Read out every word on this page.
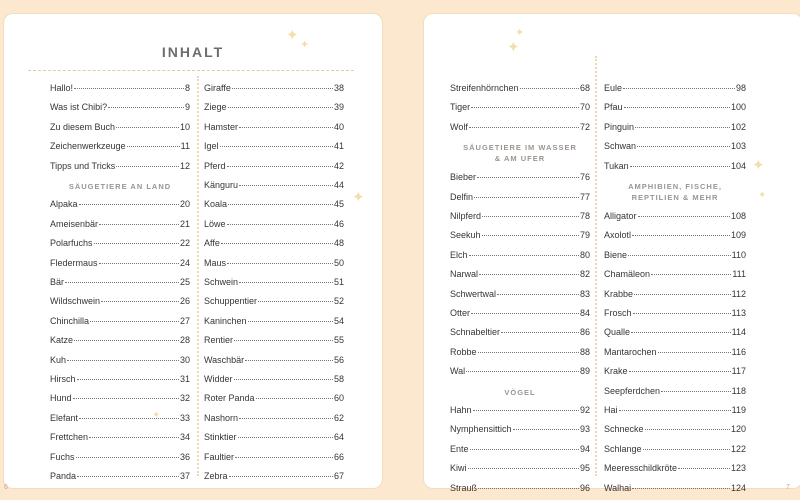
INHALT
Hallo!	8
Was ist Chibi?	9
Zu diesem Buch	10
Zeichenwerkzeuge	11
Tipps und Tricks	12
SÄUGETIERE AN LAND
Alpaka	20
Ameisenbär	21
Polarfuchs	22
Fledermaus	24
Bär	25
Wildschwein	26
Chinchilla	27
Katze	28
Kuh	30
Hirsch	31
Hund	32
Elefant	33
Frettchen	34
Fuchs	36
Panda	37
Giraffe	38
Ziege	39
Hamster	40
Igel	41
Pferd	42
Känguru	44
Koala	45
Löwe	46
Affe	48
Maus	50
Schwein	51
Schuppentier	52
Kaninchen	54
Rentier	55
Waschbär	56
Widder	58
Roter Panda	60
Nashorn	62
Stinktier	64
Faultier	66
Zebra	67
Streifenhörnchen	68
Tiger	70
Wolf	72
SÄUGETIERE IM WASSER & AM UFER
Bieber	76
Delfin	77
Nilpferd	78
Seekuh	79
Elch	80
Narwal	82
Schwertwal	83
Otter	84
Schnabeltier	86
Robbe	88
Wal	89
VÖGEL
Hahn	92
Nymphensittich	93
Ente	94
Kiwi	95
Strauß	96
Eule	98
Pfau	100
Pinguin	102
Schwan	103
Tukan	104
AMPHIBIEN, FISCHE, REPTILIEN & MEHR
Alligator	108
Axolotl	109
Biene	110
Chamäleon	111
Krabbe	112
Frosch	113
Qualle	114
Mantarochen	116
Krake	117
Seepferdchen	118
Hai	119
Schnecke	120
Schlange	122
Meeresschildkröte	123
Walhai	124
✦
✦	✦
✦
✦
✦
✦
✦
6	7
